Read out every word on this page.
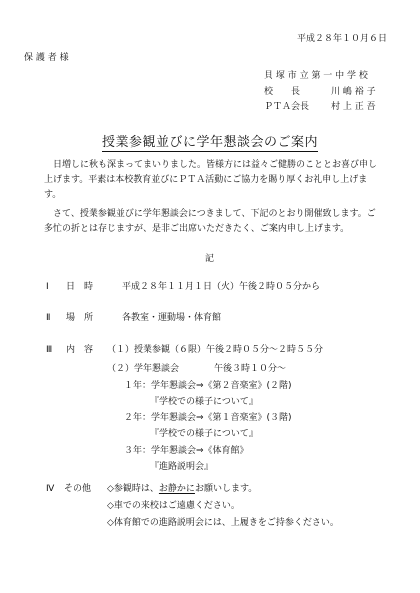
平成２８年１０月６日
保 護 者 様
貝 塚 市 立 第 一 中 学 校
校　　長	川 嶋 裕 子
ＰＴＡ会長 村 上 正 吾
授業参観並びに学年懇談会のご案内
日増しに秋も深まってまいりました。皆様方には益々ご健勝のこととお喜び申し上げます。平素は本校教育並びにＰＴＡ活動にご協力を賜り厚くお礼申し上げます。
さて、授業参観並びに学年懇談会につきまして、下記のとおり開催致します。ご多忙の折とは存じますが、是非ご出席いただきたく、ご案内申し上げます。
記
Ⅰ 日　時	平成２８年１１月１日（火）午後２時０５分から
Ⅱ 場　所	各教室・運動場・体育館
Ⅲ 内　容 （１）授業参観（６限）午後２時０５分～２時５５分
（２）学年懇談会	午後３時１０分～
１年：学年懇談会⇒《第２音楽室》(２階)
『学校での様子について』
２年：学年懇談会⇒《第１音楽室》(３階)
『学校での様子について』
３年：学年懇談会⇒《体育館》
『進路説明会』
Ⅳ その他 ◇参観時は、お静かにお願いします。
◇車での来校はご遠慮ください。
◇体育館での進路説明会には、上履きをご持参ください。
